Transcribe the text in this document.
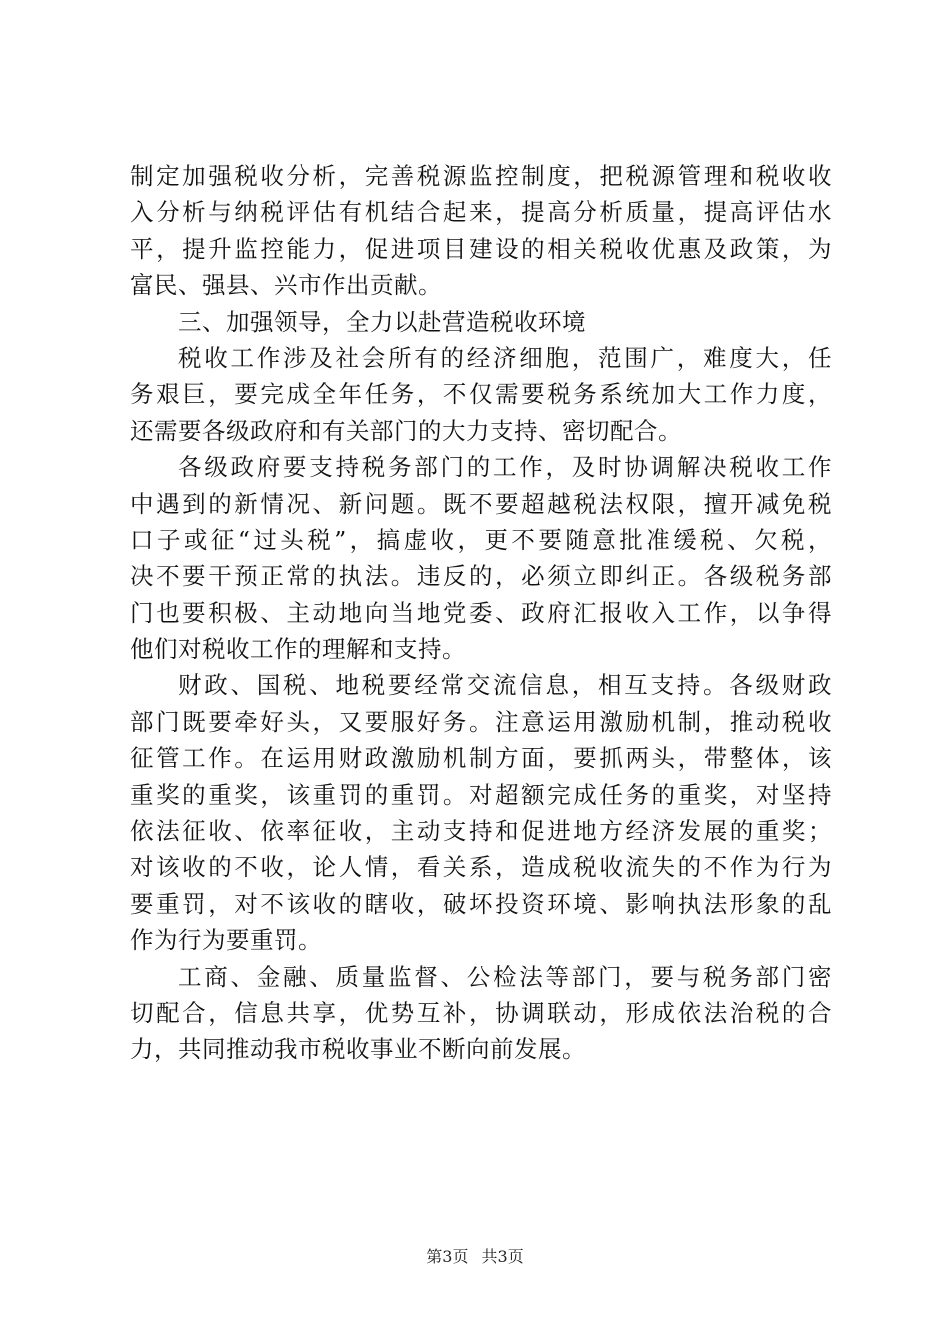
制定加强税收分析，完善税源监控制度，把税源管理和税收收
入分析与纳税评估有机结合起来，提高分析质量，提高评估水
平，提升监控能力，促进项目建设的相关税收优惠及政策，为
富民、强县、兴市作出贡献。
三、加强领导，全力以赴营造税收环境
税收工作涉及社会所有的经济细胞，范围广，难度大，任
务艰巨，要完成全年任务，不仅需要税务系统加大工作力度，
还需要各级政府和有关部门的大力支持、密切配合。
各级政府要支持税务部门的工作，及时协调解决税收工作
中遇到的新情况、新问题。既不要超越税法权限，擅开减免税
口子或征“过头税”，搞虚收，更不要随意批准缓税、欠税，
决不要干预正常的执法。违反的，必须立即纠正。各级税务部
门也要积极、主动地向当地党委、政府汇报收入工作，以争得
他们对税收工作的理解和支持。
财政、国税、地税要经常交流信息，相互支持。各级财政
部门既要牵好头，又要服好务。注意运用激励机制，推动税收
征管工作。在运用财政激励机制方面，要抓两头，带整体，该
重奖的重奖，该重罚的重罚。对超额完成任务的重奖，对坚持
依法征收、依率征收，主动支持和促进地方经济发展的重奖；
对该收的不收，论人情，看关系，造成税收流失的不作为行为
要重罚，对不该收的瞎收，破坏投资环境、影响执法形象的乱
作为行为要重罚。
工商、金融、质量监督、公检法等部门，要与税务部门密
切配合，信息共享，优势互补，协调联动，形成依法治税的合
力，共同推动我市税收事业不断向前发展。
第3页 共3页
